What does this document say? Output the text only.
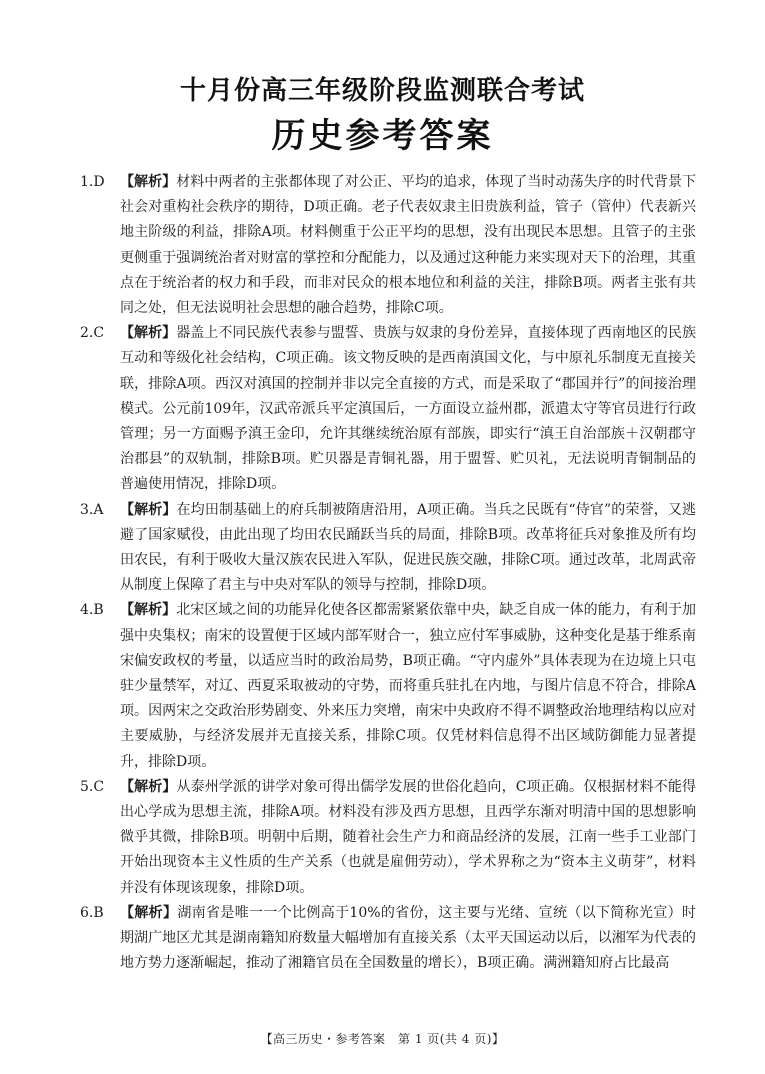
十月份高三年级阶段监测联合考试
历史参考答案
1.D	【解析】材料中两者的主张都体现了对公正、平均的追求，体现了当时动荡失序的时代背景下社会对重构社会秩序的期待，D项正确。老子代表奴隶主旧贵族利益，管子（管仲）代表新兴地主阶级的利益，排除A项。材料侧重于公正平均的思想，没有出现民本思想。且管子的主张更侧重于强调统治者对财富的掌控和分配能力，以及通过这种能力来实现对天下的治理，其重点在于统治者的权力和手段，而非对民众的根本地位和利益的关注，排除B项。两者主张有共同之处，但无法说明社会思想的融合趋势，排除C项。
2.C	【解析】器盖上不同民族代表参与盟誓、贵族与奴隶的身份差异，直接体现了西南地区的民族互动和等级化社会结构，C项正确。该文物反映的是西南滇国文化，与中原礼乐制度无直接关联，排除A项。西汉对滇国的控制并非以完全直接的方式，而是采取了“郡国并行”的间接治理模式。公元前109年，汉武帝派兵平定滇国后，一方面设立益州郡，派遣太守等官员进行行政管理；另一方面赐予滇王金印，允许其继续统治原有部族，即实行“滇王自治部族＋汉朝郡守治郡县”的双轨制，排除B项。贮贝器是青铜礼器，用于盟誓、贮贝礼，无法说明青铜制品的普遍使用情况，排除D项。
3.A	【解析】在均田制基础上的府兵制被隋唐沿用，A项正确。当兵之民既有“侍官”的荣誉，又逃避了国家赋役，由此出现了均田农民踊跃当兵的局面，排除B项。改革将征兵对象推及所有均田农民，有利于吸收大量汉族农民进入军队，促进民族交融，排除C项。通过改革，北周武帝从制度上保障了君主与中央对军队的领导与控制，排除D项。
4.B	【解析】北宋区域之间的功能异化使各区都需紧紧依靠中央，缺乏自成一体的能力，有利于加强中央集权；南宋的设置便于区域内部军财合一，独立应付军事威胁，这种变化是基于维系南宋偏安政权的考量，以适应当时的政治局势，B项正确。“守内虚外”具体表现为在边境上只屯驻少量禁军，对辽、西夏采取被动的守势，而将重兵驻扎在内地，与图片信息不符合，排除A项。因两宋之交政治形势剧变、外来压力突增，南宋中央政府不得不调整政治地理结构以应对主要威胁，与经济发展并无直接关系，排除C项。仅凭材料信息得不出区域防御能力显著提升，排除D项。
5.C	【解析】从泰州学派的讲学对象可得出儒学发展的世俗化趋向，C项正确。仅根据材料不能得出心学成为思想主流，排除A项。材料没有涉及西方思想，且西学东渐对明清中国的思想影响微乎其微，排除B项。明朝中后期，随着社会生产力和商品经济的发展，江南一些手工业部门开始出现资本主义性质的生产关系（也就是雇佣劳动），学术界称之为“资本主义萌芽”，材料并没有体现该现象，排除D项。
6.B	【解析】湖南省是唯一一个比例高于10%的省份，这主要与光绪、宣统（以下简称光宣）时期湖广地区尤其是湖南籍知府数量大幅增加有直接关系（太平天国运动以后，以湘军为代表的地方势力逐渐崛起，推动了湘籍官员在全国数量的增长），B项正确。满洲籍知府占比最高
【高三历史・参考答案　第 1 页(共 4 页)】
